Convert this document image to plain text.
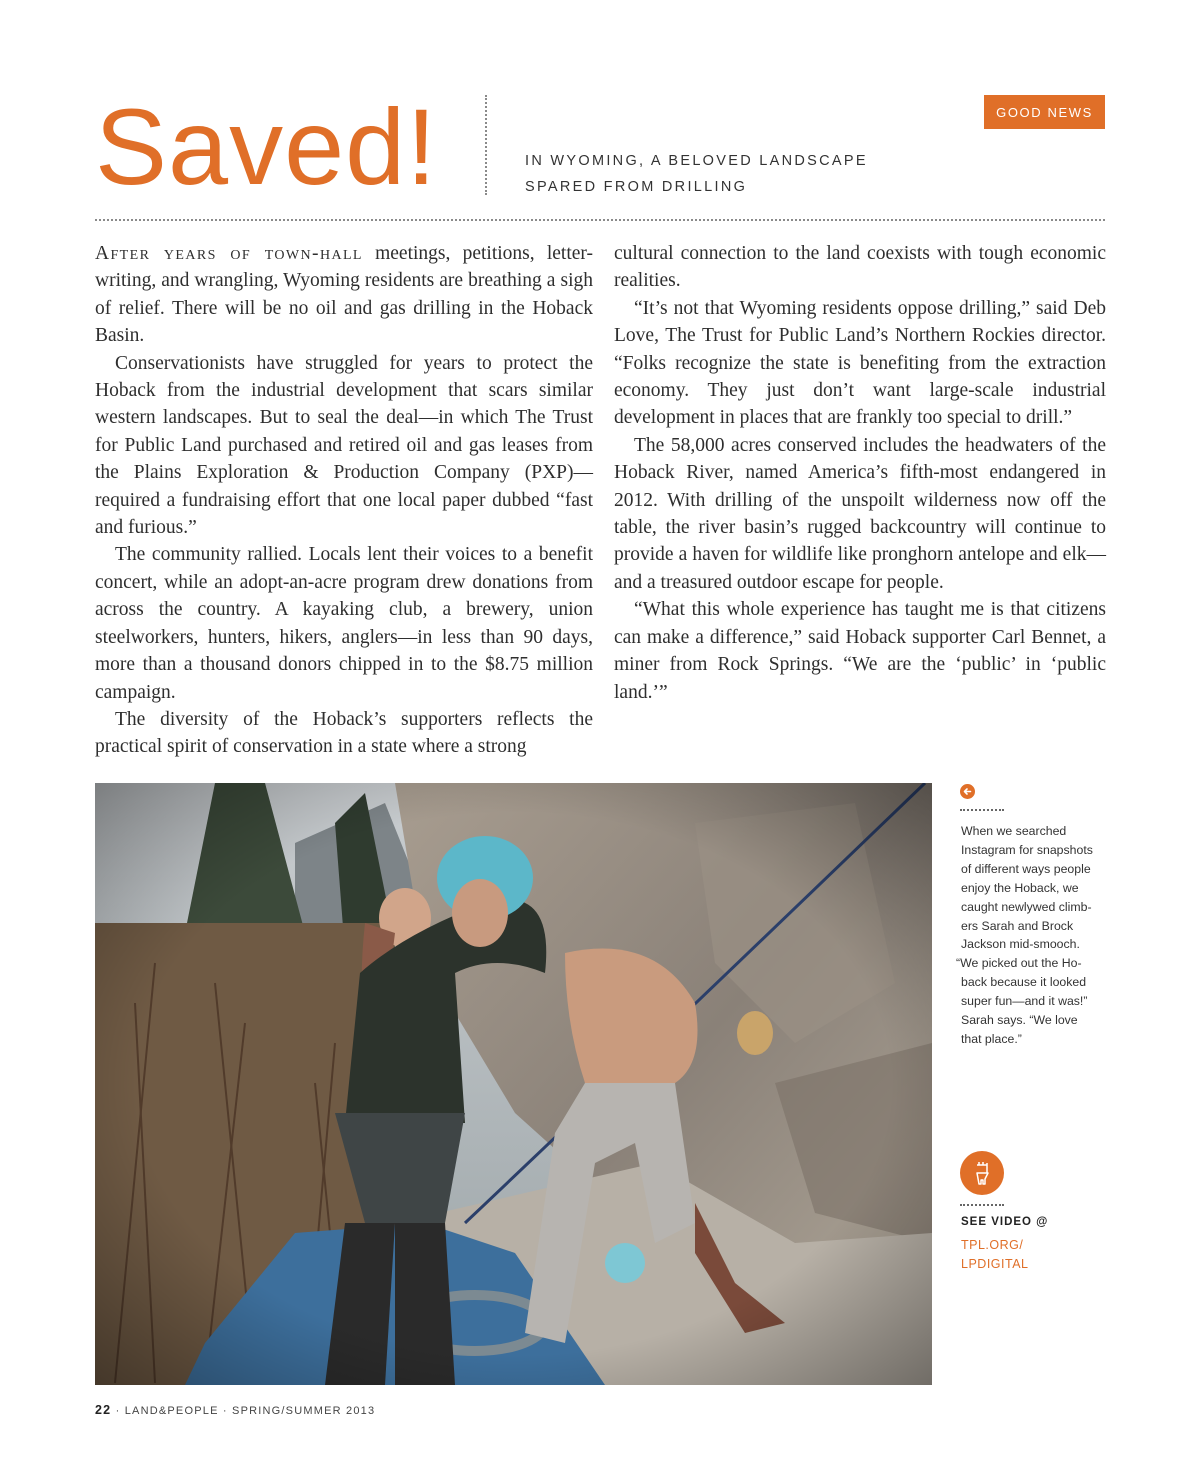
Saved!	IN WYOMING, A BELOVED LANDSCAPE
SPARED FROM DRILLING
GOOD NEWS

After years of town-hall meetings, petitions, letter-writing, and wrangling, Wyoming residents are breathing a sigh of relief. There will be no oil and gas drilling in the Hoback Basin.

Conservationists have struggled for years to protect the Hoback from the industrial development that scars similar western landscapes. But to seal the deal—in which The Trust for Public Land purchased and retired oil and gas leases from the Plains Exploration & Production Company (PXP)—required a fundraising effort that one local paper dubbed “fast and furious.”

The community rallied. Locals lent their voices to a benefit concert, while an adopt-an-acre program drew donations from across the country. A kayaking club, a brewery, union steelworkers, hunters, hikers, anglers—in less than 90 days, more than a thousand donors chipped in to the $8.75 million campaign.

The diversity of the Hoback’s supporters reflects the practical spirit of conservation in a state where a strong

cultural connection to the land coexists with tough economic realities.

“It’s not that Wyoming residents oppose drilling,” said Deb Love, The Trust for Public Land’s Northern Rockies director. “Folks recognize the state is benefiting from the extraction economy. They just don’t want large-scale industrial development in places that are frankly too special to drill.”

The 58,000 acres conserved includes the headwaters of the Hoback River, named America’s fifth-most endangered in 2012. With drilling of the unspoilt wilderness now off the table, the river basin’s rugged backcountry will continue to provide a haven for wildlife like pronghorn antelope and elk—and a treasured outdoor escape for people.

“What this whole experience has taught me is that citizens can make a difference,” said Hoback supporter Carl Bennet, a miner from Rock Springs. “We are the ‘public’ in ‘public land.’”

When we searched
Instagram for snapshots
of different ways people
enjoy the Hoback, we
caught newlywed climb-
ers Sarah and Brock
Jackson mid-smooch.
“We picked out the Ho-
back because it looked
super fun—and it was!”
Sarah says. “We love
that place.”
SEE VIDEO @
TPL.ORG/
LPDIGITAL
22 · LAND&PEOPLE · SPRING/SUMMER 2013
